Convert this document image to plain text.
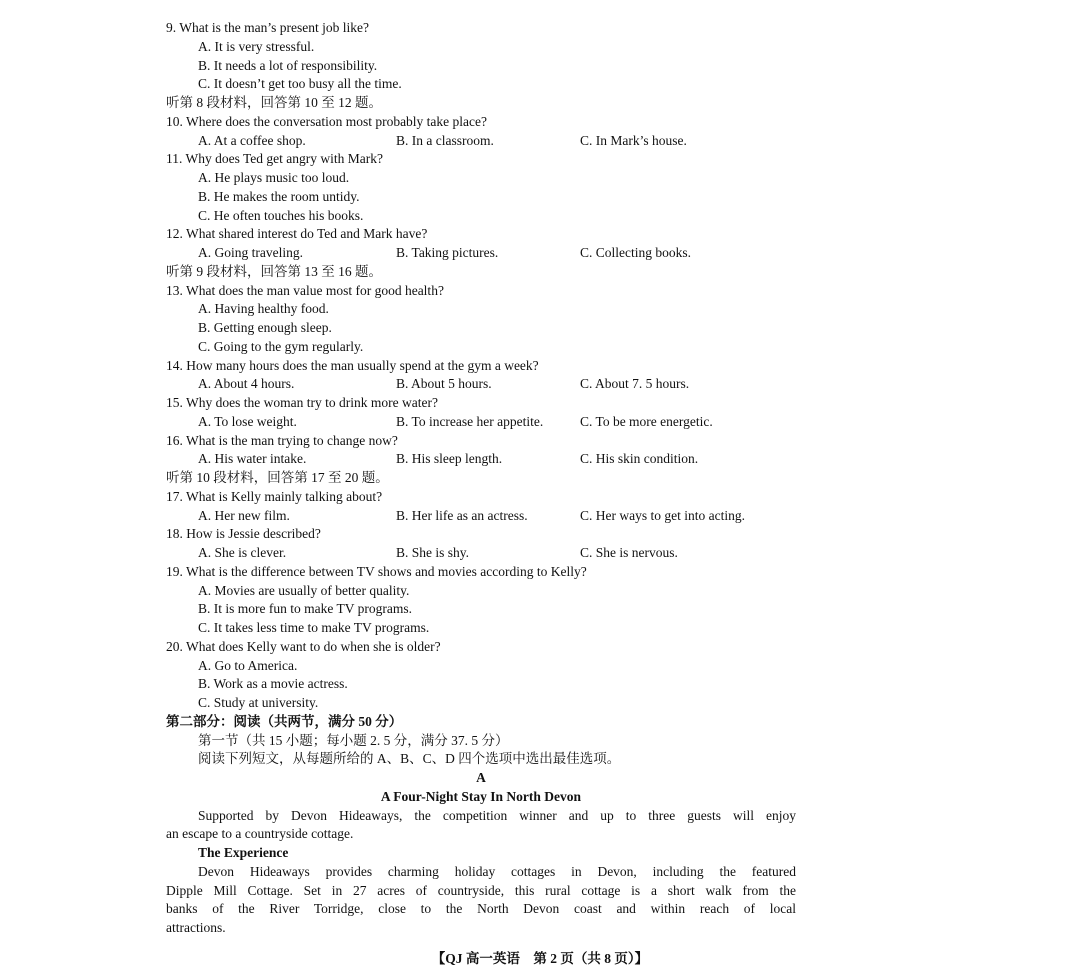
9. What is the man’s present job like?
A. It is very stressful.
B. It needs a lot of responsibility.
C. It doesn’t get too busy all the time.
听第 8 段材料，回答第 10 至 12 题。
10. Where does the conversation most probably take place?
A. At a coffee shop.	B. In a classroom.	C. In Mark’s house.
11. Why does Ted get angry with Mark?
A. He plays music too loud.
B. He makes the room untidy.
C. He often touches his books.
12. What shared interest do Ted and Mark have?
A. Going traveling.	B. Taking pictures.	C. Collecting books.
听第 9 段材料，回答第 13 至 16 题。
13. What does the man value most for good health?
A. Having healthy food.
B. Getting enough sleep.
C. Going to the gym regularly.
14. How many hours does the man usually spend at the gym a week?
A. About 4 hours.	B. About 5 hours.	C. About 7. 5 hours.
15. Why does the woman try to drink more water?
A. To lose weight.	B. To increase her appetite.	C. To be more energetic.
16. What is the man trying to change now?
A. His water intake.	B. His sleep length.	C. His skin condition.
听第 10 段材料，回答第 17 至 20 题。
17. What is Kelly mainly talking about?
A. Her new film.	B. Her life as an actress.	C. Her ways to get into acting.
18. How is Jessie described?
A. She is clever.	B. She is shy.	C. She is nervous.
19. What is the difference between TV shows and movies according to Kelly?
A. Movies are usually of better quality.
B. It is more fun to make TV programs.
C. It takes less time to make TV programs.
20. What does Kelly want to do when she is older?
A. Go to America.
B. Work as a movie actress.
C. Study at university.
第二部分：阅读（共两节，满分 50 分）
第一节（共 15 小题；每小题 2. 5 分，满分 37. 5 分）
阅读下列短文，从每题所给的 A、B、C、D 四个选项中选出最佳选项。
A
A Four-Night Stay In North Devon
Supported by Devon Hideaways, the competition winner and up to three guests will enjoy
an escape to a countryside cottage.
The Experience
Devon Hideaways provides charming holiday cottages in Devon, including the featured
Dipple Mill Cottage. Set in 27 acres of countryside, this rural cottage is a short walk from the
banks of the River Torridge, close to the North Devon coast and within reach of local
attractions.
【QJ 高一英语　第 2 页（共 8 页）】
